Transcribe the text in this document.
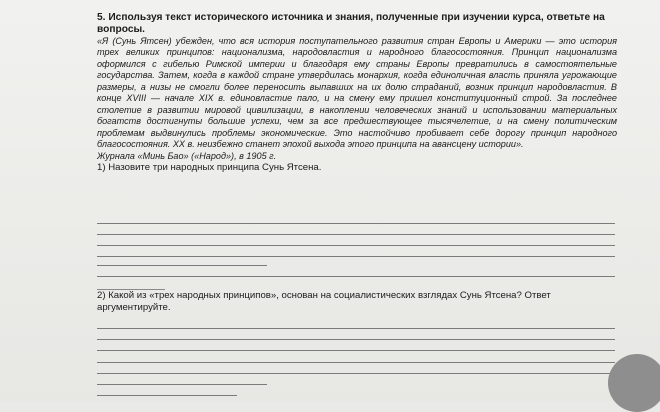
5. Используя текст исторического источника и знания, полученные при изучении курса, ответьте на вопросы.

«Я (Сунь Ятсен) убежден, что вся история поступательного развития стран Европы и Америки — это история трех великих принципов: национализма, народовластия и народного благосостояния. Принцип национализма оформился с гибелью Римской империи и благодаря ему страны Европы превратились в самостоятельные государства. Затем, когда в каждой стране утвердилась монархия, когда единоличная власть приняла угрожающие размеры, а низы не смогли более переносить выпавших на их долю страданий, возник принцип народовластия. В конце XVIII — начале XIX в. единовластие пало, и на смену ему пришел конституционный строй. За последнее столетие в развитии мировой цивилизации, в накоплении человеческих знаний и использовании материальных богатств достигнуты большие успехи, чем за все предшествующее тысячелетие, и на смену политическим проблемам выдвинулись проблемы экономические. Это настойчиво пробивает себе дорогу принцип народного благосостояния. XX в. неизбежно станет эпохой выхода этого принципа на авансцену истории».

Журнала «Минь Бао» («Народ»), в 1905 г.

1) Назовите три народных принципа Сунь Ятсена.

2) Какой из «трех народных принципов», основан на социалистических взглядах Сунь Ятсена? Ответ аргументируйте.
